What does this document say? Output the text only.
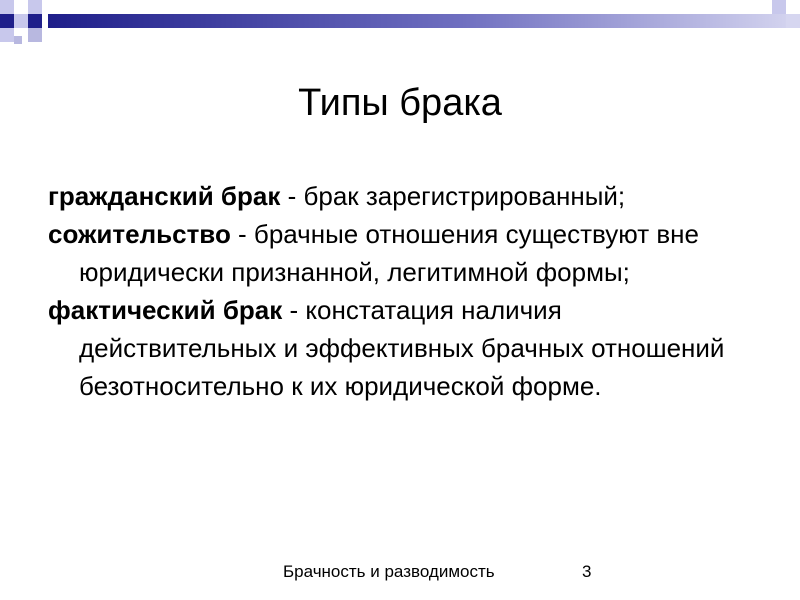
Типы брака

гражданский брак - брак зарегистрированный;

сожительство - брачные отношения существуют вне юридически признанной, легитимной формы;

фактический брак - констатация наличия действительных и эффективных брачных отношений безотносительно к их юридической форме.

Брачность и разводимость	3
